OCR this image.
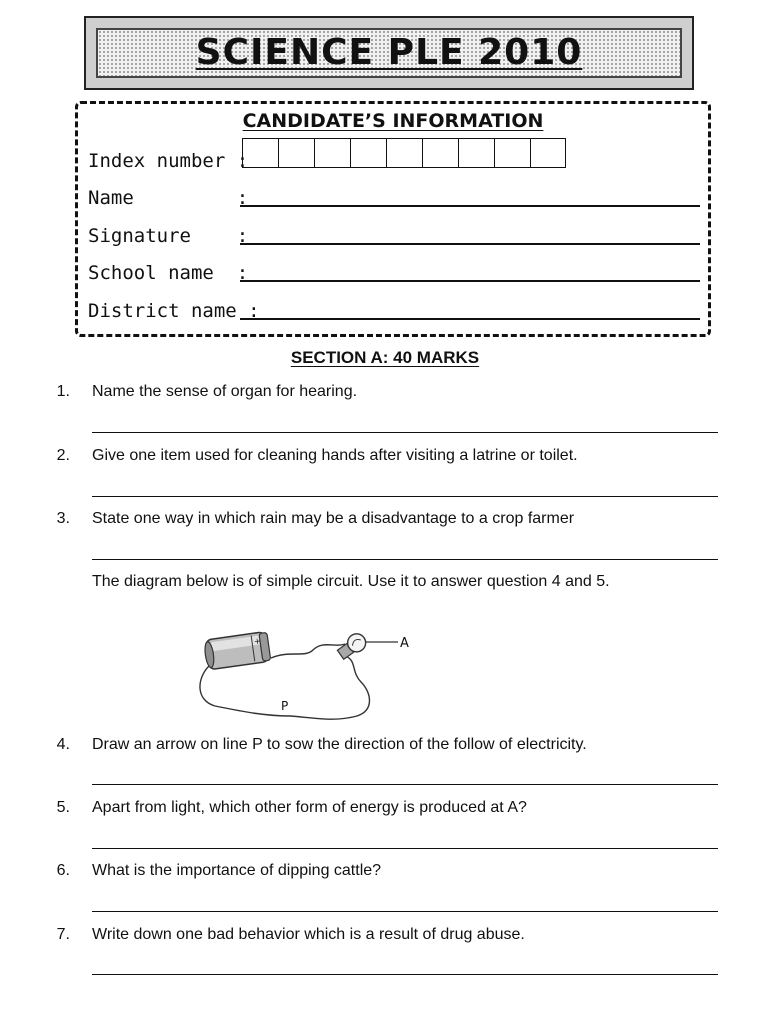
SCIENCE PLE 2010
CANDIDATE’S INFORMATION
Index number :
Name         :
Signature    :
School name  :
District name :
SECTION A: 40 MARKS
1. Name the sense of organ for hearing.
2. Give one item used for cleaning hands after visiting a latrine or toilet.
3. State one way in which rain may be a disadvantage to a crop farmer
The diagram below is of simple circuit. Use it to answer question 4 and 5.
+	A
P
4. Draw an arrow on line P to sow the direction of the follow of electricity.
5. Apart from light, which other form of energy is produced at A?
6. What is the importance of dipping cattle?
7. Write down one bad behavior which is a result of drug abuse.
